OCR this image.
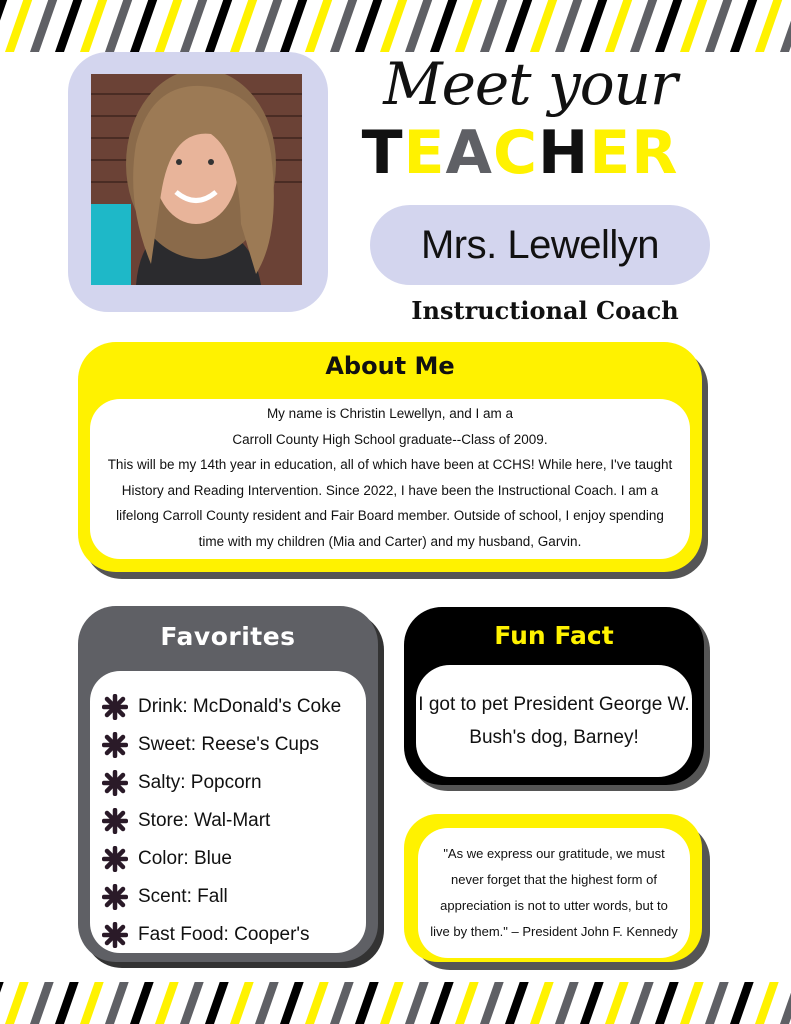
Meet your
T E A C H E R
Mrs. Lewellyn
Instructional Coach
About Me
My name is Christin Lewellyn, and I am a
Carroll County High School graduate--Class of 2009.
This will be my 14th year in education, all of which have been at CCHS! While here, I've taught
History and Reading Intervention. Since 2022, I have been the Instructional Coach. I am a
lifelong Carroll County resident and Fair Board member. Outside of school, I enjoy spending
time with my children (Mia and Carter) and my husband, Garvin.
Favorites
Drink: McDonald's Coke
Sweet: Reese's Cups
Salty: Popcorn
Store: Wal-Mart
Color: Blue
Scent: Fall
Fast Food: Cooper's
Fun Fact
I got to pet President George W.
Bush's dog, Barney!
"As we express our gratitude, we must
never forget that the highest form of
appreciation is not to utter words, but to
live by them." – President John F. Kennedy
